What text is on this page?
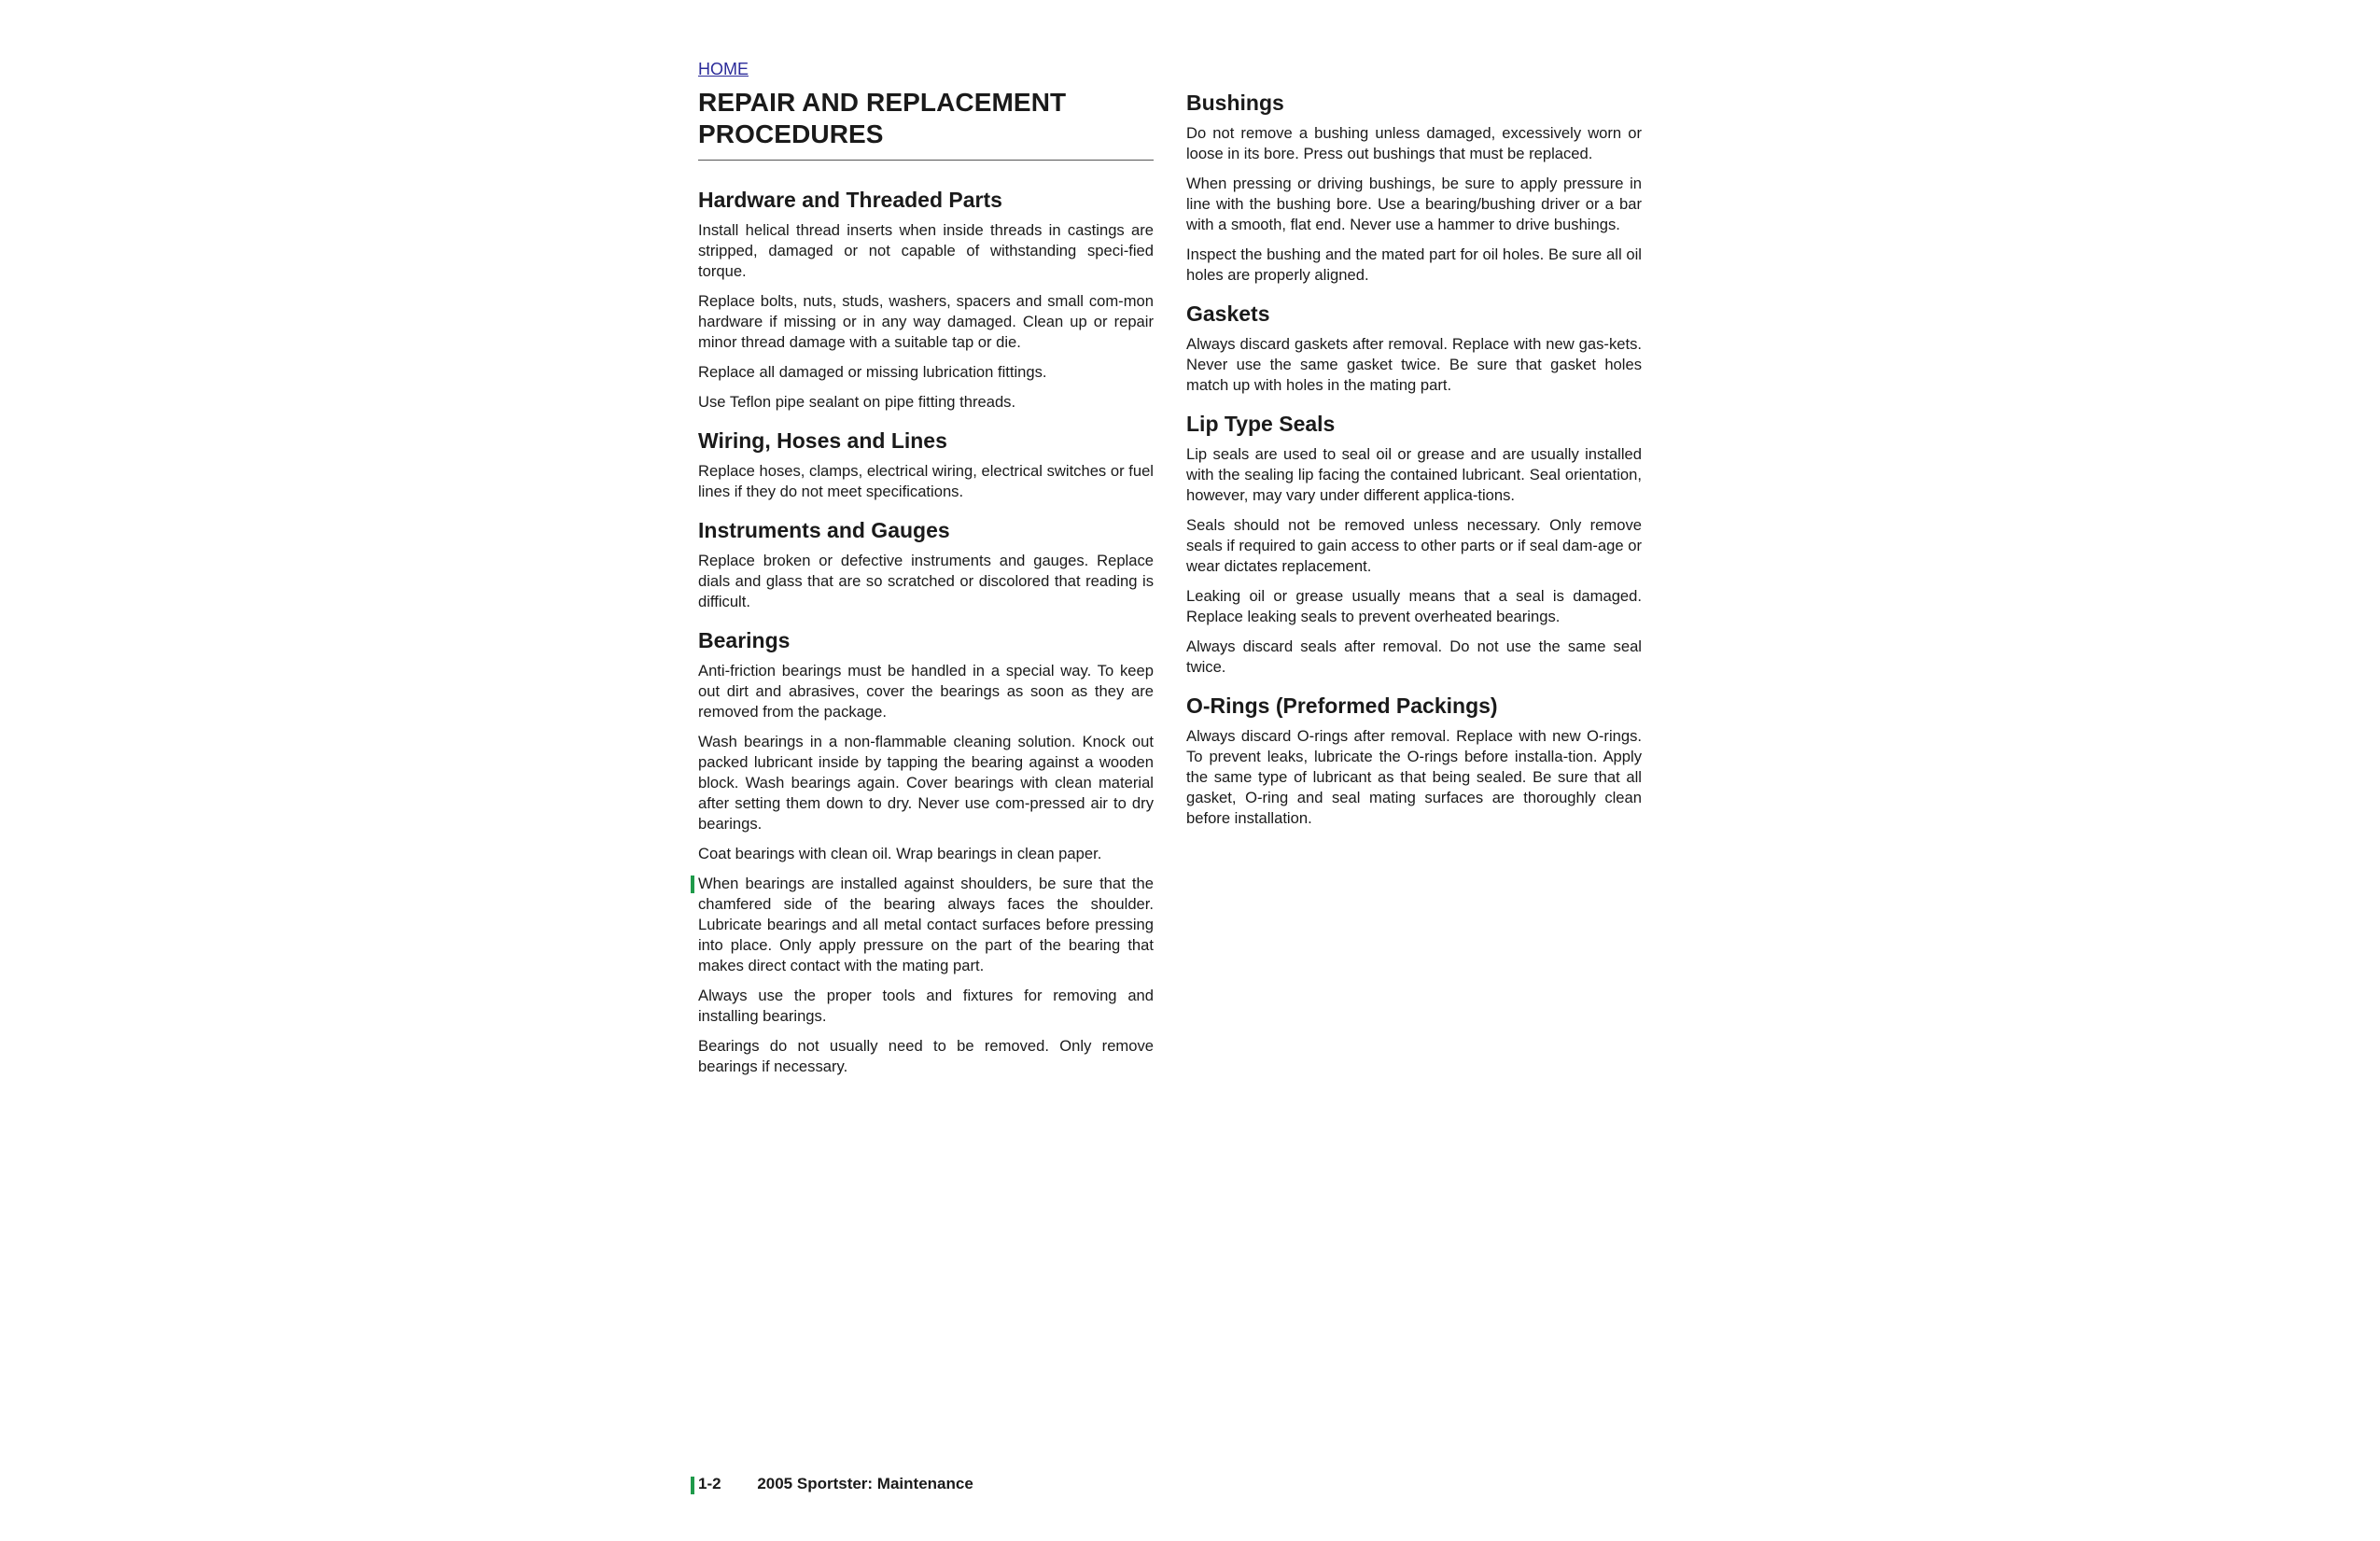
HOME
REPAIR AND REPLACEMENT PROCEDURES
Hardware and Threaded Parts

Install helical thread inserts when inside threads in castings are stripped, damaged or not capable of withstanding speci-fied torque.

Replace bolts, nuts, studs, washers, spacers and small com-mon hardware if missing or in any way damaged. Clean up or repair minor thread damage with a suitable tap or die.

Replace all damaged or missing lubrication fittings.

Use Teflon pipe sealant on pipe fitting threads.

Wiring, Hoses and Lines

Replace hoses, clamps, electrical wiring, electrical switches or fuel lines if they do not meet specifications.

Instruments and Gauges

Replace broken or defective instruments and gauges. Replace dials and glass that are so scratched or discolored that reading is difficult.

Bearings

Anti-friction bearings must be handled in a special way. To keep out dirt and abrasives, cover the bearings as soon as they are removed from the package.

Wash bearings in a non-flammable cleaning solution. Knock out packed lubricant inside by tapping the bearing against a wooden block. Wash bearings again. Cover bearings with clean material after setting them down to dry. Never use com-pressed air to dry bearings.

Coat bearings with clean oil. Wrap bearings in clean paper.

When bearings are installed against shoulders, be sure that the chamfered side of the bearing always faces the shoulder. Lubricate bearings and all metal contact surfaces before pressing into place. Only apply pressure on the part of the bearing that makes direct contact with the mating part.

Always use the proper tools and fixtures for removing and installing bearings.

Bearings do not usually need to be removed. Only remove bearings if necessary.

Bushings

Do not remove a bushing unless damaged, excessively worn or loose in its bore. Press out bushings that must be replaced.

When pressing or driving bushings, be sure to apply pressure in line with the bushing bore. Use a bearing/bushing driver or a bar with a smooth, flat end. Never use a hammer to drive bushings.

Inspect the bushing and the mated part for oil holes. Be sure all oil holes are properly aligned.

Gaskets

Always discard gaskets after removal. Replace with new gas-kets. Never use the same gasket twice. Be sure that gasket holes match up with holes in the mating part.

Lip Type Seals

Lip seals are used to seal oil or grease and are usually installed with the sealing lip facing the contained lubricant. Seal orientation, however, may vary under different applica-tions.

Seals should not be removed unless necessary. Only remove seals if required to gain access to other parts or if seal dam-age or wear dictates replacement.

Leaking oil or grease usually means that a seal is damaged. Replace leaking seals to prevent overheated bearings.

Always discard seals after removal. Do not use the same seal twice.

O-Rings (Preformed Packings)

Always discard O-rings after removal. Replace with new O-rings. To prevent leaks, lubricate the O-rings before installa-tion. Apply the same type of lubricant as that being sealed. Be sure that all gasket, O-ring and seal mating surfaces are thoroughly clean before installation.

1-2 2005 Sportster: Maintenance
